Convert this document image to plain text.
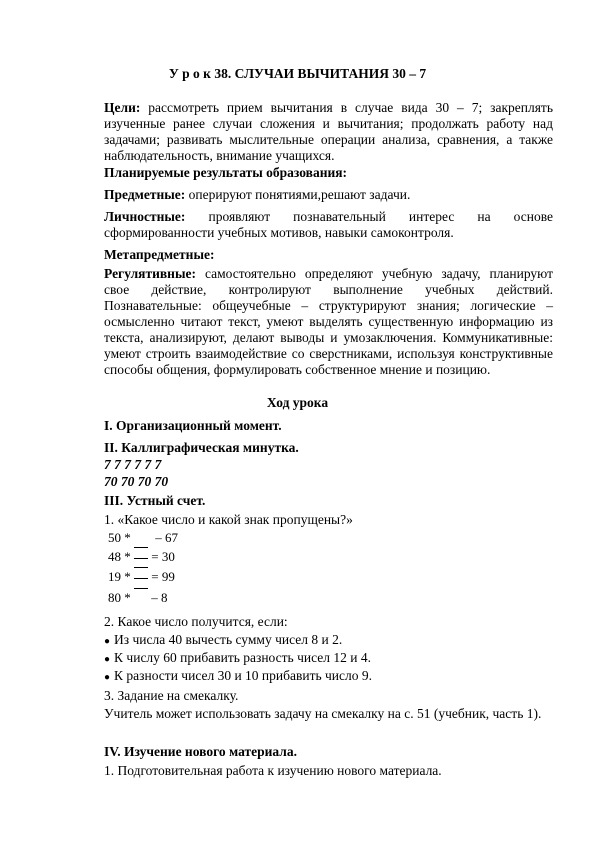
У р о к 38. СЛУЧАИ ВЫЧИТАНИЯ 30 – 7
Цели: рассмотреть прием вычитания в случае вида 30 – 7; закреплять изученные ранее случаи сложения и вычитания; продолжать работу над задачами; развивать мыслительные операции анализа, сравнения, а также наблюдательность, внимание учащихся.
Планируемые результаты образования:
Предметные: оперируют понятиями,решают задачи.
Личностные: проявляют познавательный интерес на основе сформированности учебных мотивов, навыки самоконтроля.
Метапредметные:
Регулятивные: самостоятельно определяют учебную задачу, планируют свое действие, контролируют выполнение учебных действий. Познавательные: общеучебные – структурируют знания; логические – осмысленно читают текст, умеют выделять существенную информацию из текста, анализируют, делают выводы и умозаключения. Коммуникативные: умеют строить взаимодействие со сверстниками, используя конструктивные способы общения, формулировать собственное мнение и позицию.
Ход урока
I. Организационный момент.
II. Каллиграфическая минутка.
7 7 7 7 7 7
70 70 70 70
III. Устный счет.
1. «Какое число и какой знак пропущены?»
50 * – 67
48 * = 30
19 * = 99
80 * – 8
2. Какое число получится, если:
● Из числа 40 вычесть сумму чисел 8 и 2.
● К числу 60 прибавить разность чисел 12 и 4.
● К разности чисел 30 и 10 прибавить число 9.
3. Задание на смекалку.
Учитель может использовать задачу на смекалку на с. 51 (учебник, часть 1).
IV. Изучение нового материала.
1. Подготовительная работа к изучению нового материала.
